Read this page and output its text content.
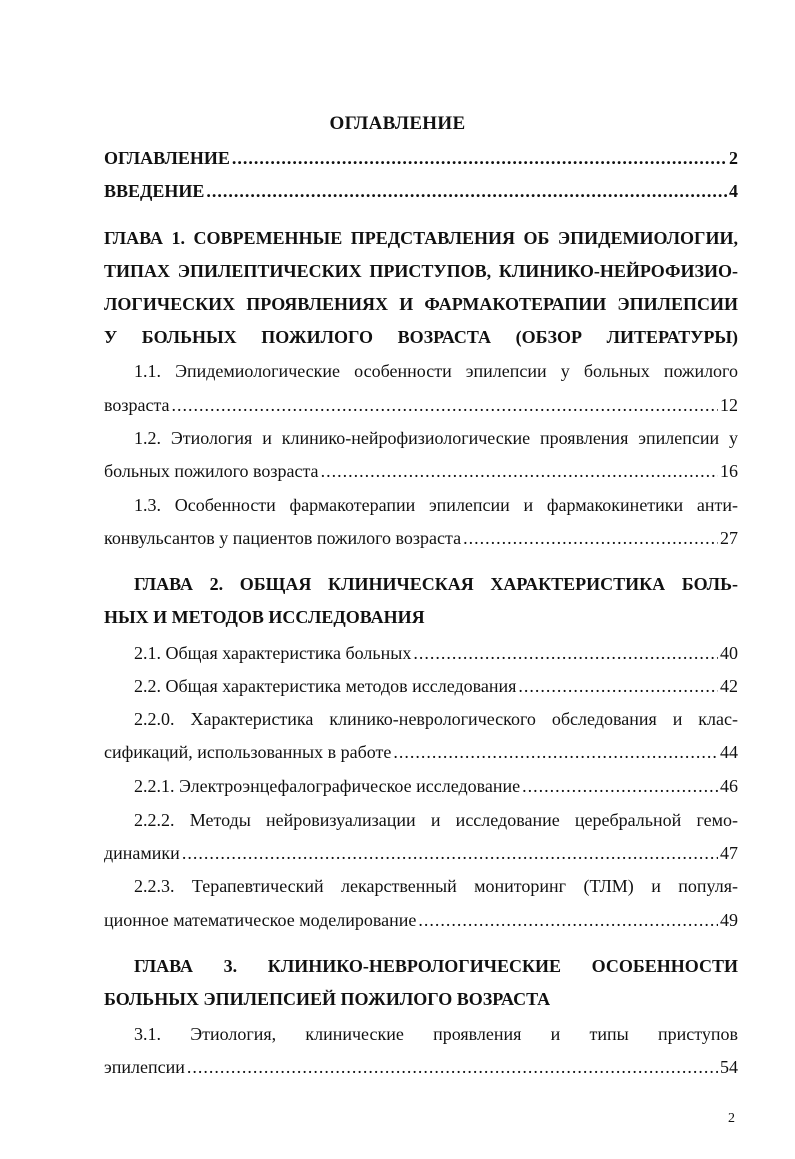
ОГЛАВЛЕНИЕ
ОГЛАВЛЕНИЕ .....	2
ВВЕДЕНИЕ .....	4
ГЛАВА 1. СОВРЕМЕННЫЕ ПРЕДСТАВЛЕНИЯ ОБ ЭПИДЕМИОЛОГИИ,
ТИПАХ ЭПИЛЕПТИЧЕСКИХ ПРИСТУПОВ, КЛИНИКО-НЕЙРОФИЗИО-
ЛОГИЧЕСКИХ ПРОЯВЛЕНИЯХ И ФАРМАКОТЕРАПИИ ЭПИЛЕПСИИ
У БОЛЬНЫХ ПОЖИЛОГО ВОЗРАСТА (ОБЗОР ЛИТЕРАТУРЫ)
1.1. Эпидемиологические особенности эпилепсии у больных пожилого
возраста .....	12
1.2. Этиология и клинико-нейрофизиологические проявления эпилепсии у
больных пожилого возраста .....	16
1.3. Особенности фармакотерапии эпилепсии и фармакокинетики анти-
конвульсантов у пациентов пожилого возраста .....	27
ГЛАВА 2. ОБЩАЯ КЛИНИЧЕСКАЯ ХАРАКТЕРИСТИКА БОЛЬ-
НЫХ И МЕТОДОВ ИССЛЕДОВАНИЯ
2.1. Общая характеристика больных .....	40
2.2. Общая характеристика методов исследования .....	42
2.2.0. Характеристика клинико-неврологического обследования и клас-
сификаций, использованных в работе .....	44
2.2.1. Электроэнцефалографическое исследование .....	46
2.2.2. Методы нейровизуализации и исследование церебральной гемо-
динамики .....	47
2.2.3. Терапевтический лекарственный мониторинг (ТЛМ) и популя-
ционное математическое моделирование .....	49
ГЛАВА 3. КЛИНИКО-НЕВРОЛОГИЧЕСКИЕ ОСОБЕННОСТИ
БОЛЬНЫХ ЭПИЛЕПСИЕЙ ПОЖИЛОГО ВОЗРАСТА
3.1. Этиология, клинические проявления и типы приступов
эпилепсии .....	54
2
